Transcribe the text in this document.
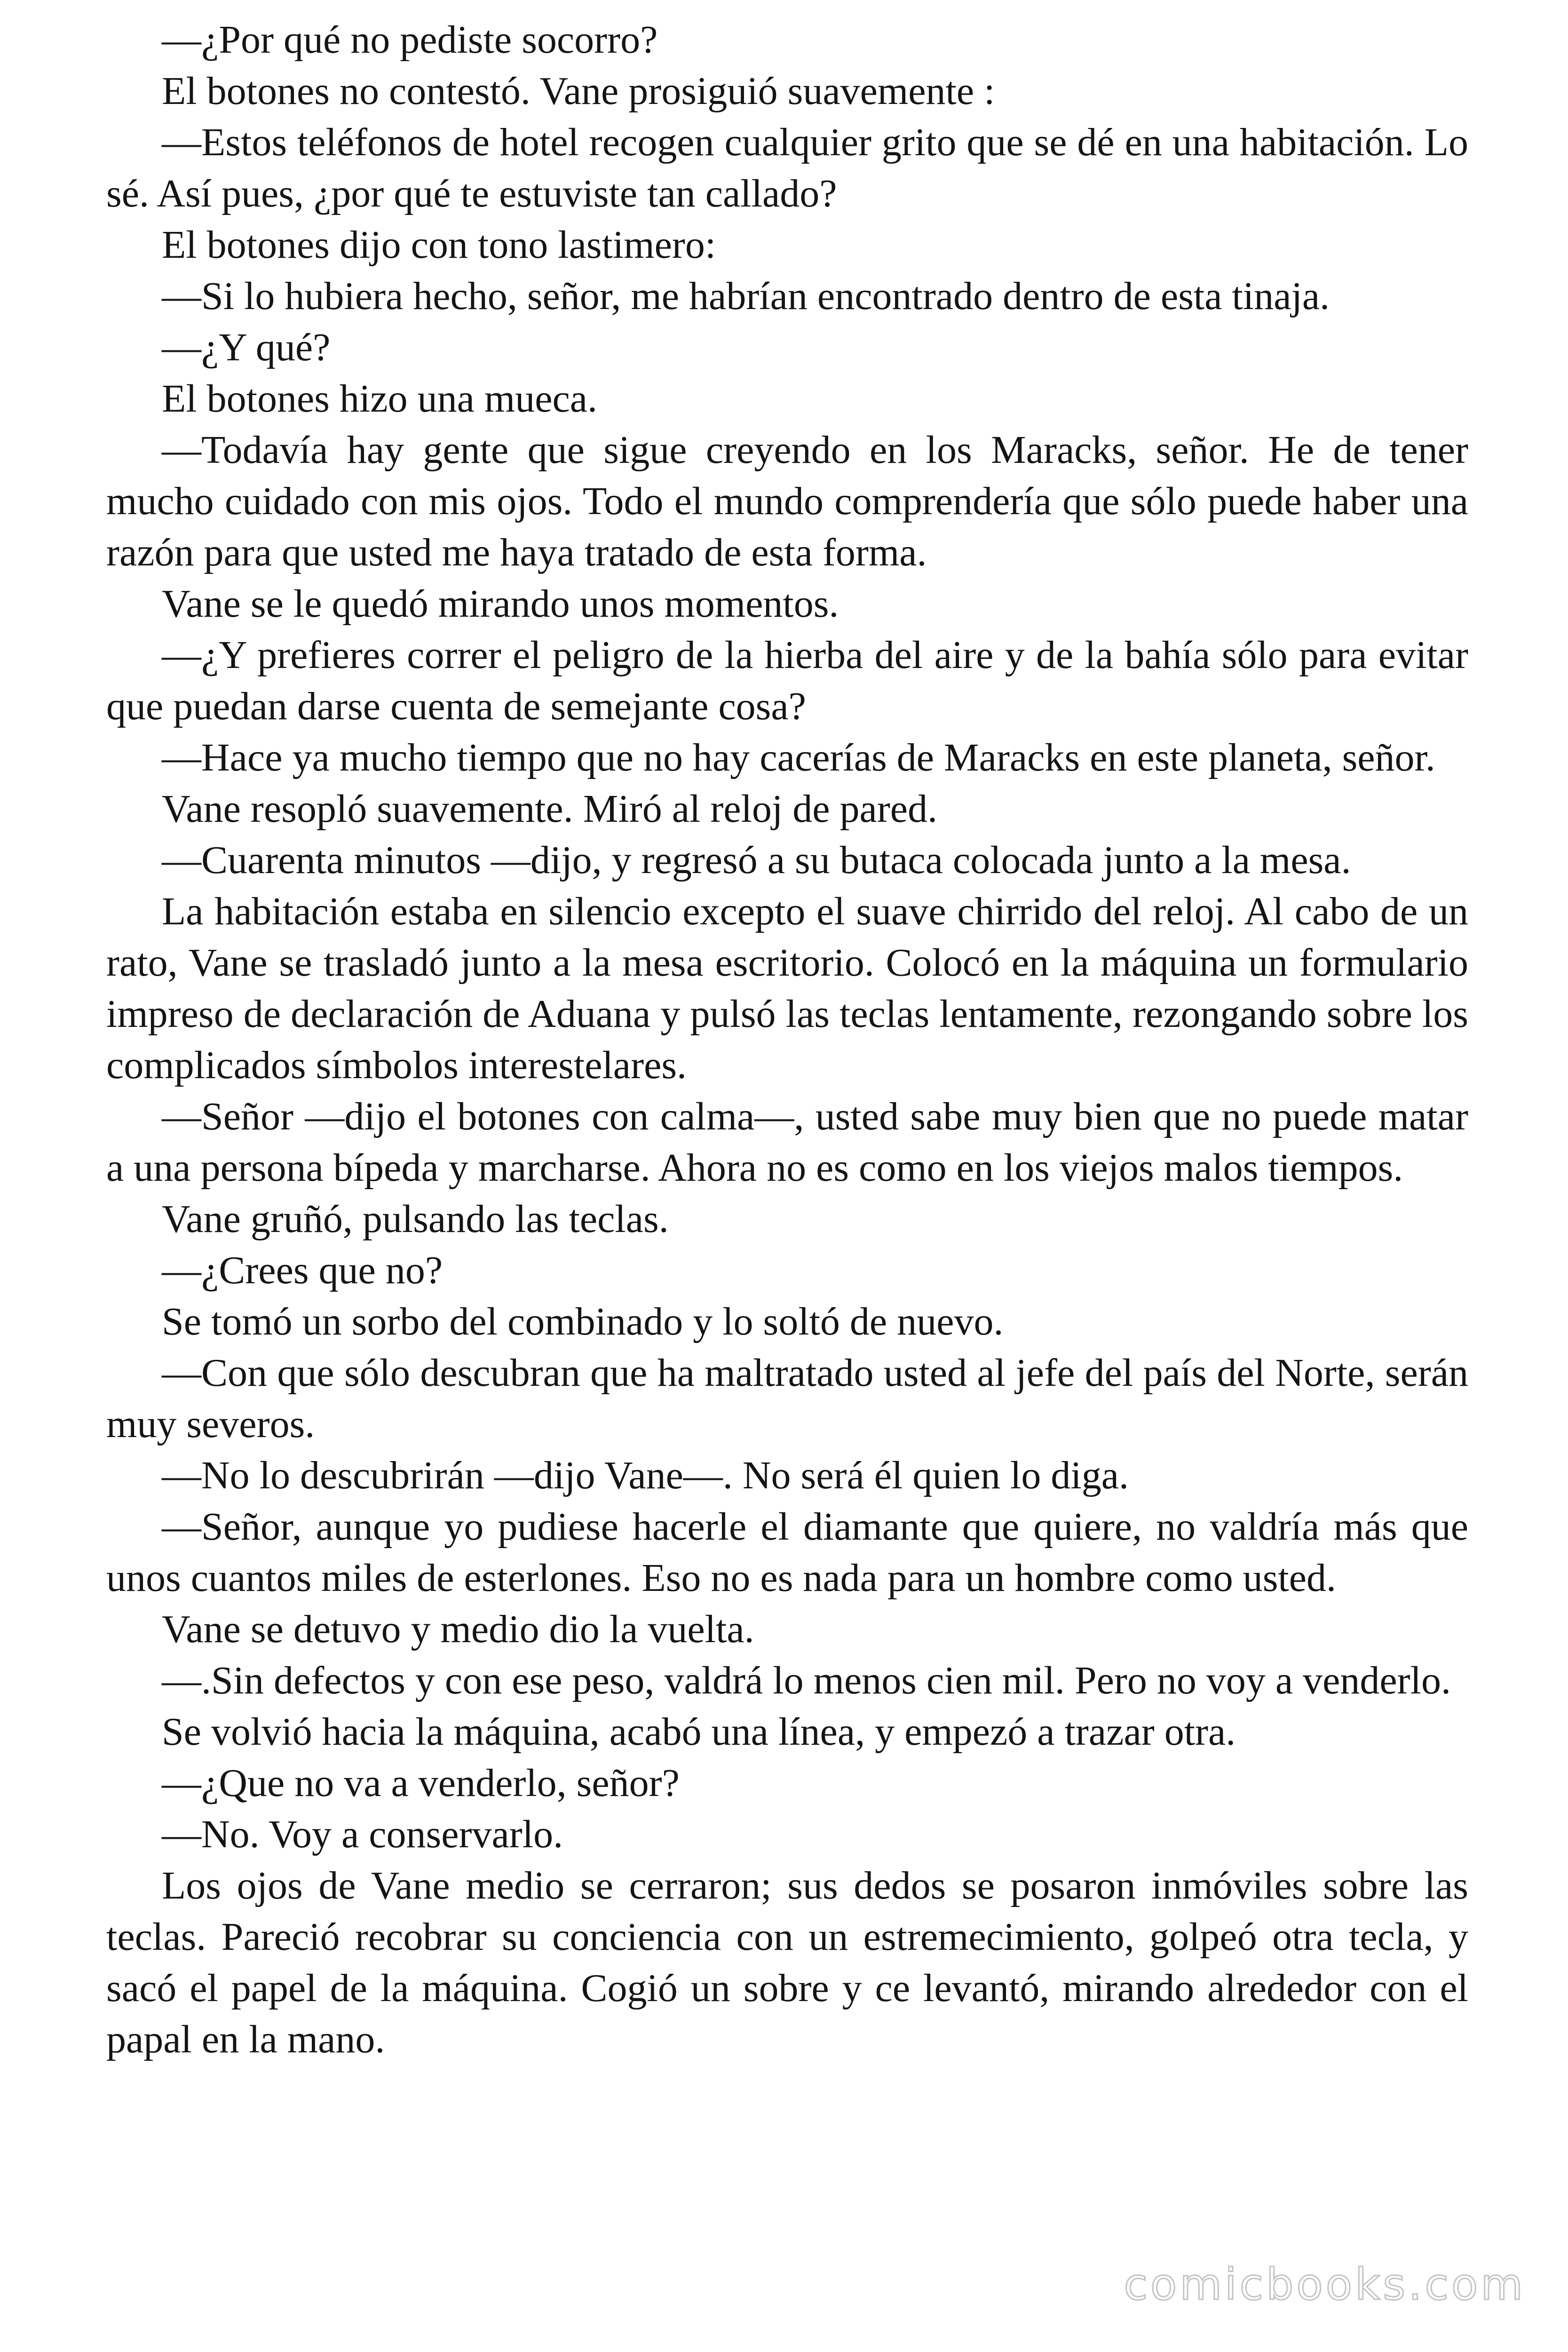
—¿Por qué no pediste socorro?

El botones no contestó. Vane prosiguió suavemente :

—Estos teléfonos de hotel recogen cualquier grito que se dé en una habitación. Lo sé. Así pues, ¿por qué te estuviste tan callado?

El botones dijo con tono lastimero:

—Si lo hubiera hecho, señor, me habrían encontrado dentro de esta tinaja.

—¿Y qué?

El botones hizo una mueca.

—Todavía hay gente que sigue creyendo en los Maracks, señor. He de tener mucho cuidado con mis ojos. Todo el mundo comprendería que sólo puede haber una razón para que usted me haya tratado de esta forma.

Vane se le quedó mirando unos momentos.

—¿Y prefieres correr el peligro de la hierba del aire y de la bahía sólo para evitar que puedan darse cuenta de semejante cosa?

—Hace ya mucho tiempo que no hay cacerías de Maracks en este planeta, señor.

Vane resopló suavemente. Miró al reloj de pared.

—Cuarenta minutos —dijo, y regresó a su butaca colocada junto a la mesa.

La habitación estaba en silencio excepto el suave chirrido del reloj. Al cabo de un rato, Vane se trasladó junto a la mesa escritorio. Colocó en la máquina un formulario impreso de declaración de Aduana y pulsó las teclas lentamente, rezongando sobre los complicados símbolos interestelares.

—Señor —dijo el botones con calma—, usted sabe muy bien que no puede matar a una persona bípeda y marcharse. Ahora no es como en los viejos malos tiempos.

Vane gruñó, pulsando las teclas.

—¿Crees que no?

Se tomó un sorbo del combinado y lo soltó de nuevo.

—Con que sólo descubran que ha maltratado usted al jefe del país del Norte, serán muy severos.

—No lo descubrirán —dijo Vane—. No será él quien lo diga.

—Señor, aunque yo pudiese hacerle el diamante que quiere, no valdría más que unos cuantos miles de esterlones. Eso no es nada para un hombre como usted.

Vane se detuvo y medio dio la vuelta.

—.Sin defectos y con ese peso, valdrá lo menos cien mil. Pero no voy a venderlo.

Se volvió hacia la máquina, acabó una línea, y empezó a trazar otra.

—¿Que no va a venderlo, señor?

—No. Voy a conservarlo.

Los ojos de Vane medio se cerraron; sus dedos se posaron inmóviles sobre las teclas. Pareció recobrar su conciencia con un estremecimiento, golpeó otra tecla, y sacó el papel de la máquina. Cogió un sobre y ce levantó, mirando alrededor con el papal en la mano.

comicbooks.com
